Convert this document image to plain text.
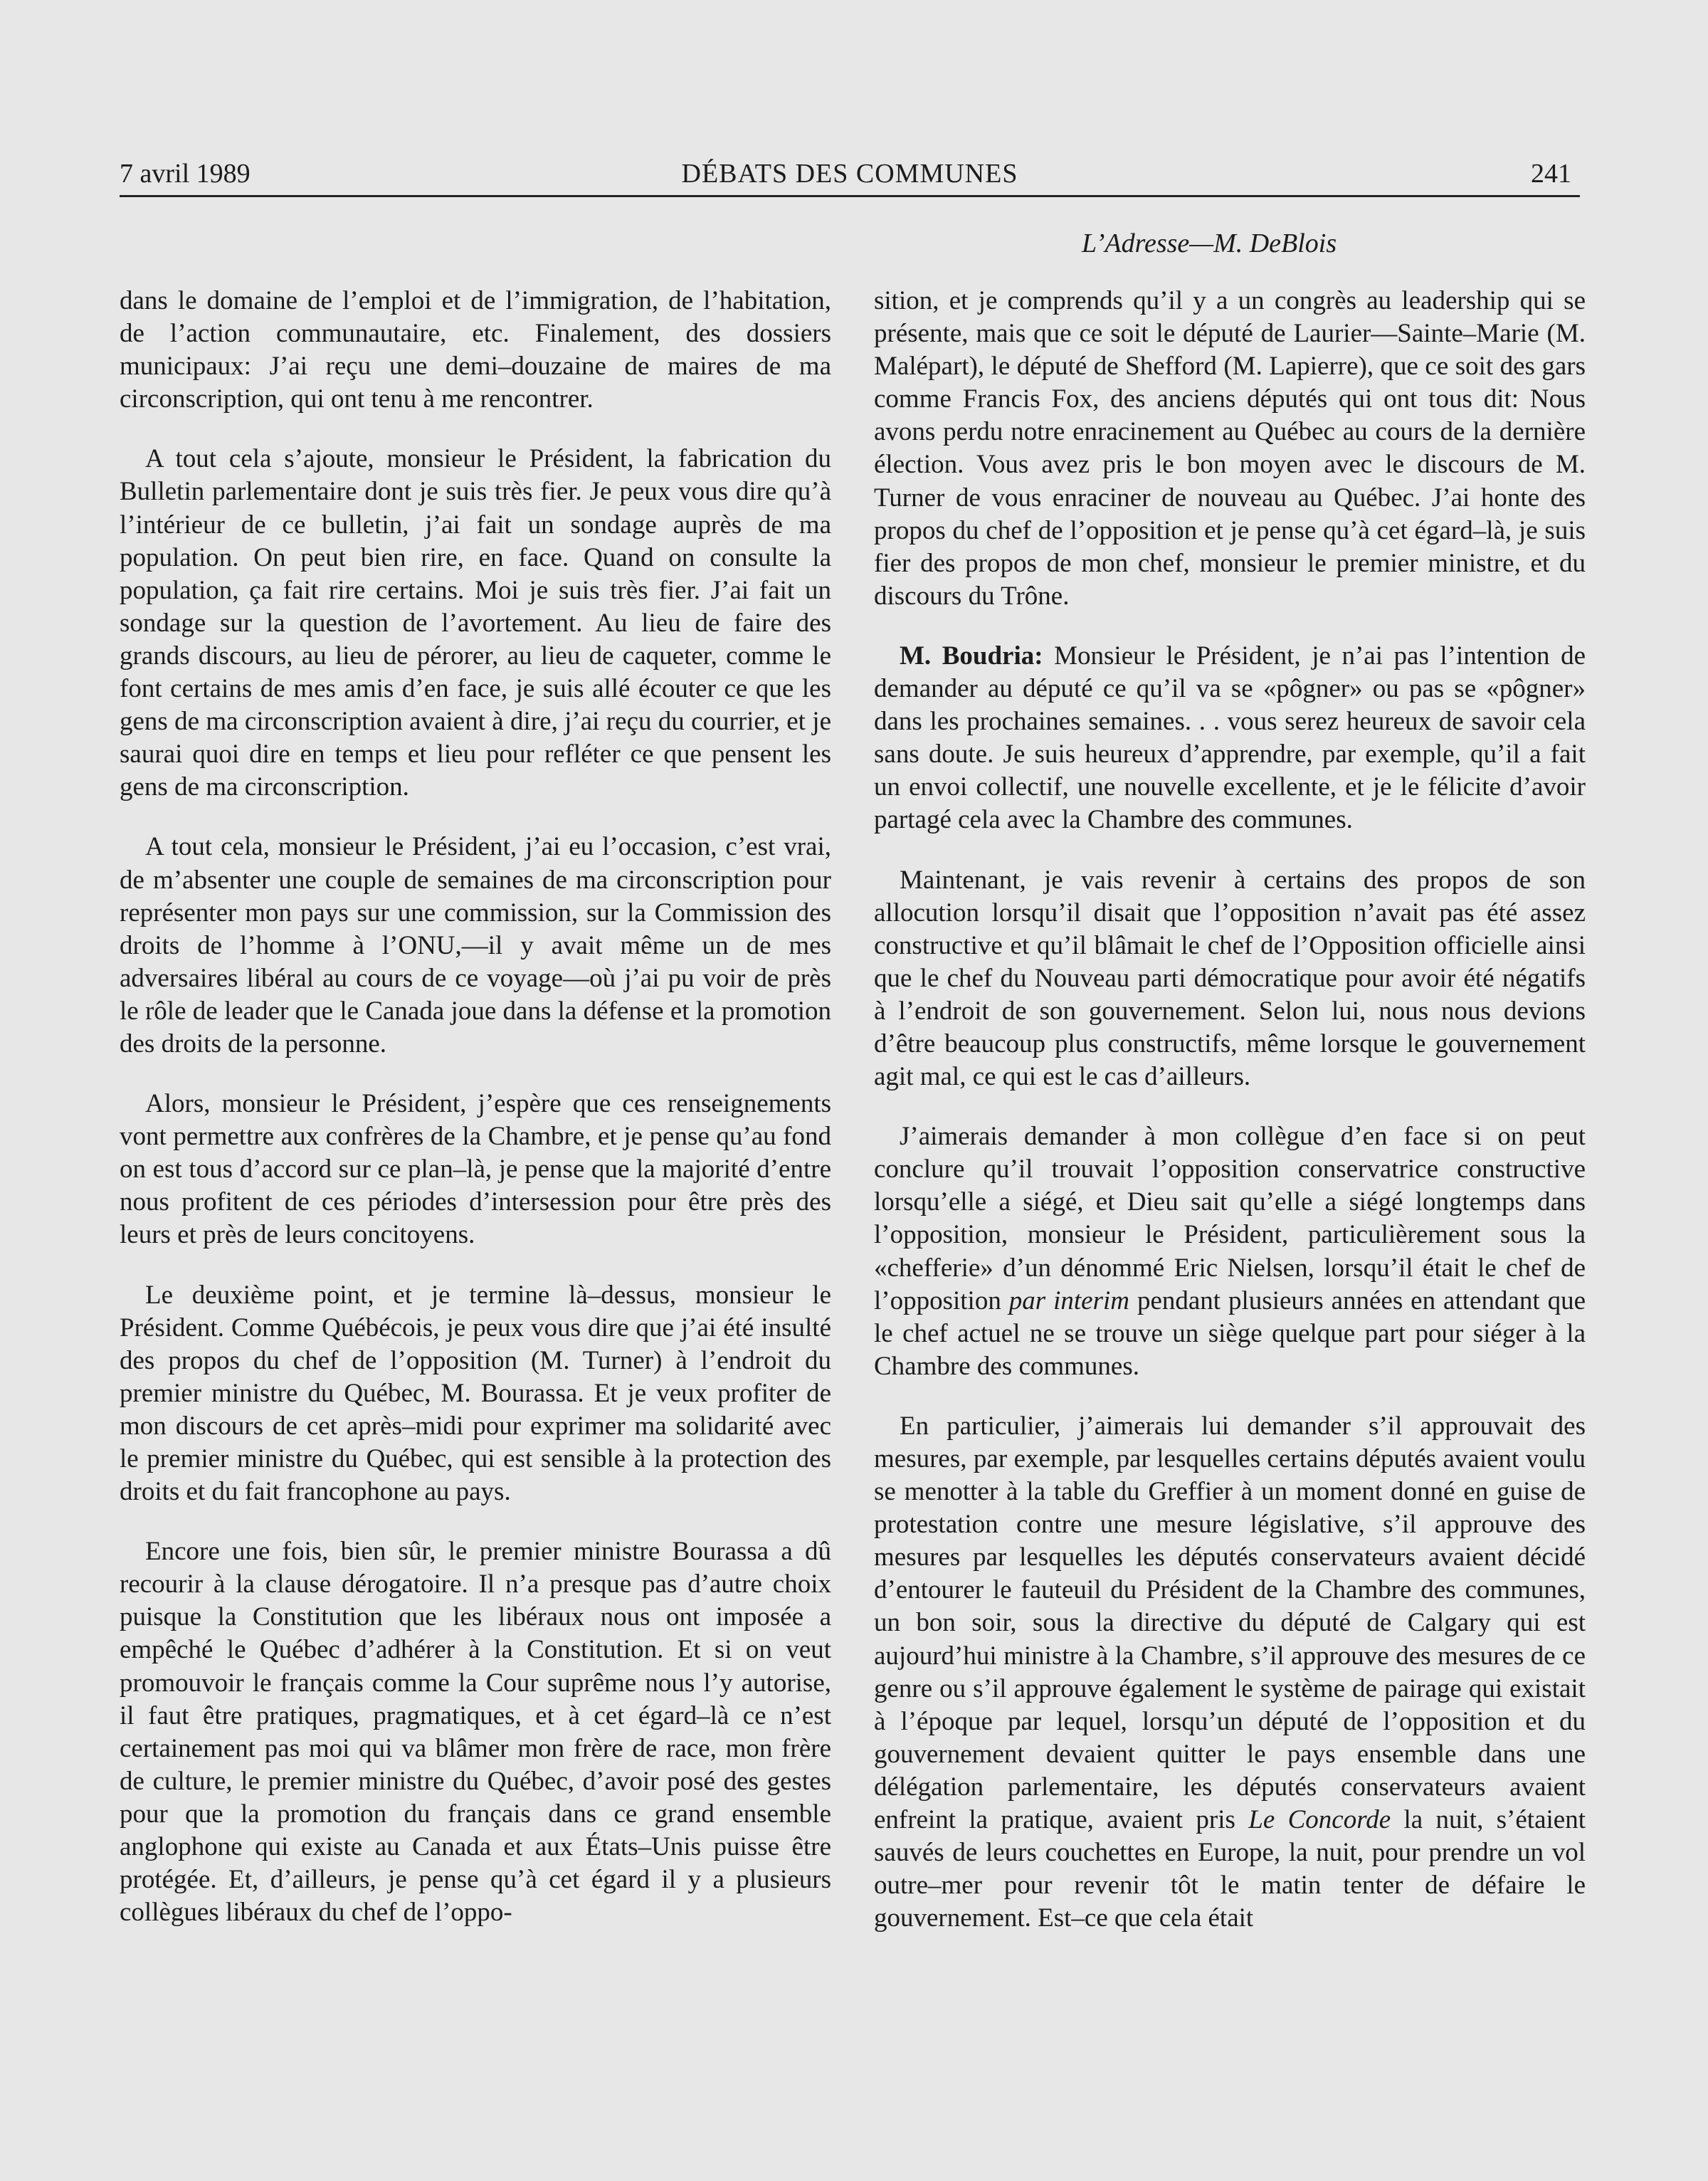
DÉBATS DES COMMUNES
7 avril 1989	241
L’Adresse—M. DeBlois

dans le domaine de l’emploi et de l’immigration, de l’habitation, de l’action communautaire, etc. Finalement, des dossiers municipaux: J’ai reçu une demi–douzaine de maires de ma circonscription, qui ont tenu à me rencontrer.

A tout cela s’ajoute, monsieur le Président, la fabrication du Bulletin parlementaire dont je suis très fier. Je peux vous dire qu’à l’intérieur de ce bulletin, j’ai fait un sondage auprès de ma population. On peut bien rire, en face. Quand on consulte la population, ça fait rire certains. Moi je suis très fier. J’ai fait un sondage sur la question de l’avortement. Au lieu de faire des grands discours, au lieu de pérorer, au lieu de caqueter, comme le font certains de mes amis d’en face, je suis allé écouter ce que les gens de ma circonscription avaient à dire, j’ai reçu du courrier, et je saurai quoi dire en temps et lieu pour refléter ce que pensent les gens de ma circonscription.

A tout cela, monsieur le Président, j’ai eu l’occasion, c’est vrai, de m’absenter une couple de semaines de ma circonscription pour représenter mon pays sur une commission, sur la Commission des droits de l’homme à l’ONU,—il y avait même un de mes adversaires libéral au cours de ce voyage—où j’ai pu voir de près le rôle de leader que le Canada joue dans la défense et la promotion des droits de la personne.

Alors, monsieur le Président, j’espère que ces renseignements vont permettre aux confrères de la Chambre, et je pense qu’au fond on est tous d’accord sur ce plan–là, je pense que la majorité d’entre nous profitent de ces périodes d’intersession pour être près des leurs et près de leurs concitoyens.

Le deuxième point, et je termine là–dessus, monsieur le Président. Comme Québécois, je peux vous dire que j’ai été insulté des propos du chef de l’opposition (M. Turner) à l’endroit du premier ministre du Québec, M. Bourassa. Et je veux profiter de mon discours de cet après–midi pour exprimer ma solidarité avec le premier ministre du Québec, qui est sensible à la protection des droits et du fait francophone au pays.

Encore une fois, bien sûr, le premier ministre Bourassa a dû recourir à la clause dérogatoire. Il n’a presque pas d’autre choix puisque la Constitution que les libéraux nous ont imposée a empêché le Québec d’adhérer à la Constitution. Et si on veut promouvoir le français comme la Cour suprême nous l’y autorise, il faut être pratiques, pragmatiques, et à cet égard–là ce n’est certainement pas moi qui va blâmer mon frère de race, mon frère de culture, le premier ministre du Québec, d’avoir posé des gestes pour que la promotion du français dans ce grand ensemble anglophone qui existe au Canada et aux États–Unis puisse être protégée. Et, d’ailleurs, je pense qu’à cet égard il y a plusieurs collègues libéraux du chef de l’oppo-

sition, et je comprends qu’il y a un congrès au leadership qui se présente, mais que ce soit le député de Laurier—Sainte–Marie (M. Malépart), le député de Shefford (M. Lapierre), que ce soit des gars comme Francis Fox, des anciens députés qui ont tous dit: Nous avons perdu notre enracinement au Québec au cours de la dernière élection. Vous avez pris le bon moyen avec le discours de M. Turner de vous enraciner de nouveau au Québec. J’ai honte des propos du chef de l’opposition et je pense qu’à cet égard–là, je suis fier des propos de mon chef, monsieur le premier ministre, et du discours du Trône.

M. Boudria: Monsieur le Président, je n’ai pas l’intention de demander au député ce qu’il va se «pôgner» ou pas se «pôgner» dans les prochaines semaines. . . vous serez heureux de savoir cela sans doute. Je suis heureux d’apprendre, par exemple, qu’il a fait un envoi collectif, une nouvelle excellente, et je le félicite d’avoir partagé cela avec la Chambre des communes.

Maintenant, je vais revenir à certains des propos de son allocution lorsqu’il disait que l’opposition n’avait pas été assez constructive et qu’il blâmait le chef de l’Opposition officielle ainsi que le chef du Nouveau parti démocratique pour avoir été négatifs à l’endroit de son gouvernement. Selon lui, nous nous devions d’être beaucoup plus constructifs, même lorsque le gouvernement agit mal, ce qui est le cas d’ailleurs.

J’aimerais demander à mon collègue d’en face si on peut conclure qu’il trouvait l’opposition conservatrice constructive lorsqu’elle a siégé, et Dieu sait qu’elle a siégé longtemps dans l’opposition, monsieur le Président, particulièrement sous la «chefferie» d’un dénommé Eric Nielsen, lorsqu’il était le chef de l’opposition par interim pendant plusieurs années en attendant que le chef actuel ne se trouve un siège quelque part pour siéger à la Chambre des communes.

En particulier, j’aimerais lui demander s’il approuvait des mesures, par exemple, par lesquelles certains députés avaient voulu se menotter à la table du Greffier à un moment donné en guise de protestation contre une mesure législative, s’il approuve des mesures par lesquelles les députés conservateurs avaient décidé d’entourer le fauteuil du Président de la Chambre des communes, un bon soir, sous la directive du député de Calgary qui est aujourd’hui ministre à la Chambre, s’il approuve des mesures de ce genre ou s’il approuve également le système de pairage qui existait à l’époque par lequel, lorsqu’un député de l’opposition et du gouvernement devaient quitter le pays ensemble dans une délégation parlementaire, les députés conservateurs avaient enfreint la pratique, avaient pris Le Concorde la nuit, s’étaient sauvés de leurs couchettes en Europe, la nuit, pour prendre un vol outre–mer pour revenir tôt le matin tenter de défaire le gouvernement. Est–ce que cela était
